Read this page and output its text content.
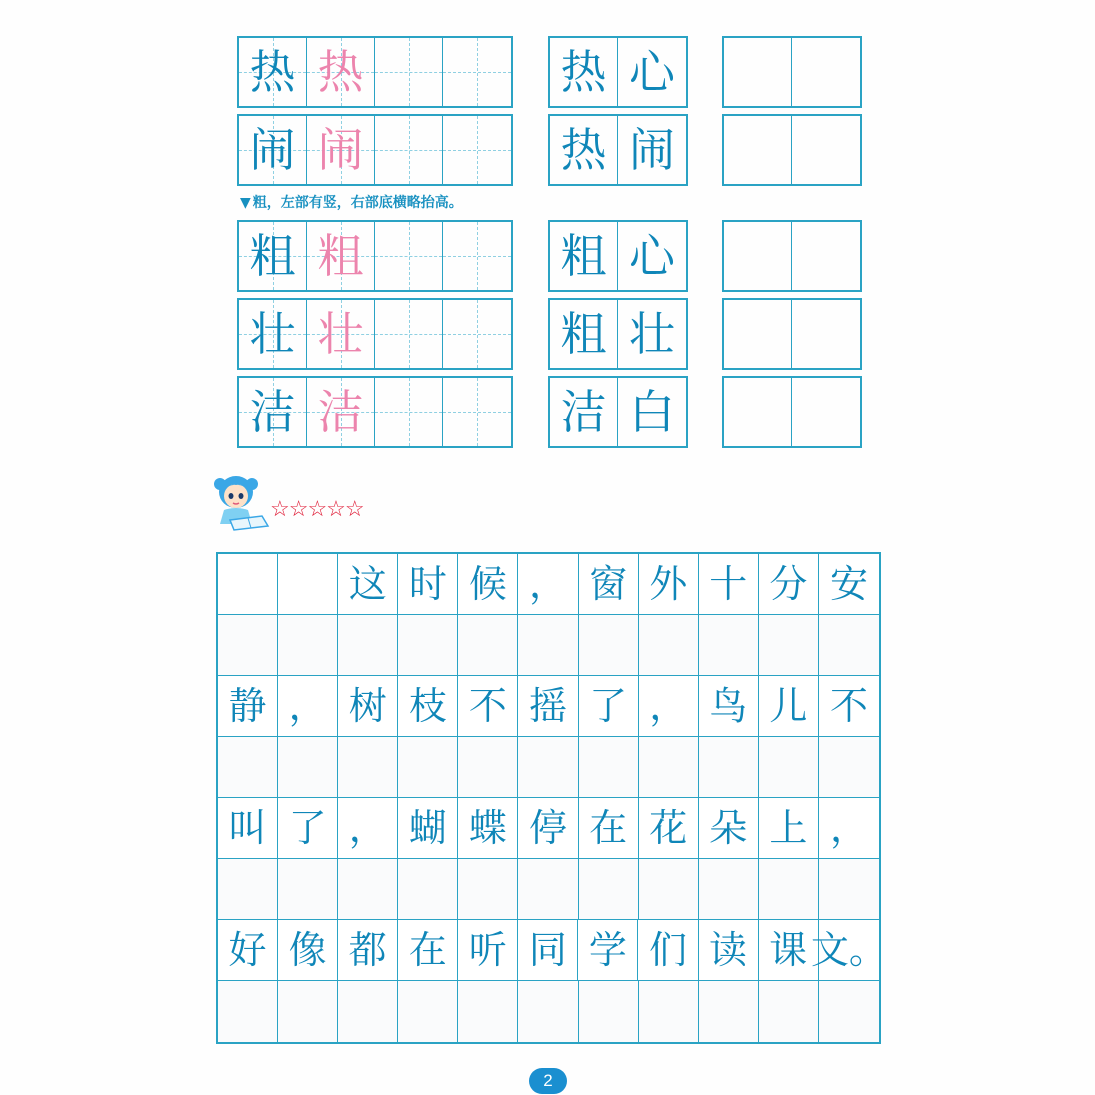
热 热	热 心
闹 闹	热 闹
▼ 粗，左部有竖，右部底横略抬高。
粗 粗	粗 心
壮 壮	粗 壮
洁 洁	洁 白
☆☆☆☆☆
这 时 候 ， 窗 外 十 分 安
静 ， 树 枝 不 摇 了 ， 鸟 儿 不
叫 了 ， 蝴 蝶 停 在 花 朵 上 ，
好 像 都 在 听 同 学 们 读 课 文。
2
